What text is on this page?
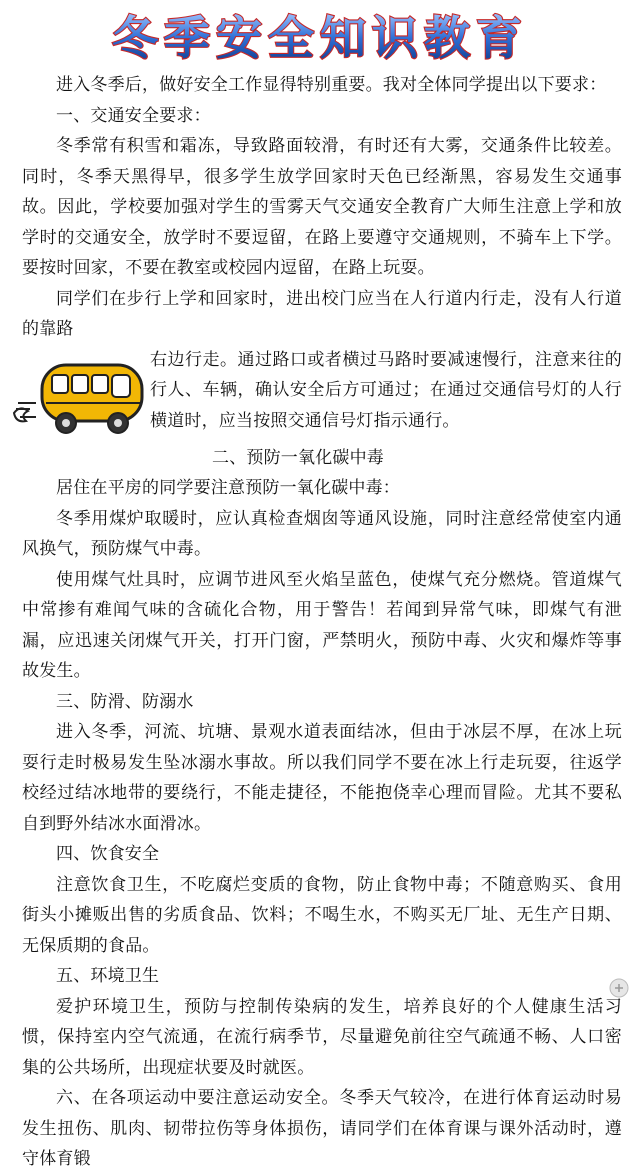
冬季安全知识教育

进入冬季后，做好安全工作显得特别重要。我对全体同学提出以下要求：

一、交通安全要求：

冬季常有积雪和霜冻，导致路面较滑，有时还有大雾，交通条件比较差。同时，冬季天黑得早，很多学生放学回家时天色已经渐黑，容易发生交通事故。因此，学校要加强对学生的雪雾天气交通安全教育广大师生注意上学和放学时的交通安全，放学时不要逗留，在路上要遵守交通规则，不骑车上下学。要按时回家，不要在教室或校园内逗留，在路上玩耍。

同学们在步行上学和回家时，进出校门应当在人行道内行走，没有人行道的靠路

右边行走。通过路口或者横过马路时要减速慢行，注意来往的行人、车辆，确认安全后方可通过；在通过交通信号灯的人行横道时，应当按照交通信号灯指示通行。

二、预防一氧化碳中毒

居住在平房的同学要注意预防一氧化碳中毒：

冬季用煤炉取暖时，应认真检查烟囱等通风设施，同时注意经常使室内通风换气，预防煤气中毒。

使用煤气灶具时，应调节进风至火焰呈蓝色，使煤气充分燃烧。管道煤气中常掺有难闻气味的含硫化合物，用于警告！若闻到异常气味，即煤气有泄漏，应迅速关闭煤气开关，打开门窗，严禁明火，预防中毒、火灾和爆炸等事故发生。

三、防滑、防溺水

进入冬季，河流、坑塘、景观水道表面结冰，但由于冰层不厚，在冰上玩耍行走时极易发生坠冰溺水事故。所以我们同学不要在冰上行走玩耍，往返学校经过结冰地带的要绕行，不能走捷径，不能抱侥幸心理而冒险。尤其不要私自到野外结冰水面滑冰。

四、饮食安全

注意饮食卫生，不吃腐烂变质的食物，防止食物中毒；不随意购买、食用街头小摊贩出售的劣质食品、饮料；不喝生水，不购买无厂址、无生产日期、无保质期的食品。

五、环境卫生

爱护环境卫生，预防与控制传染病的发生，培养良好的个人健康生活习惯，保持室内空气流通，在流行病季节，尽量避免前往空气疏通不畅、人口密集的公共场所，出现症状要及时就医。

六、在各项运动中要注意运动安全。冬季天气较冷，在进行体育运动时易发生扭伤、肌肉、韧带拉伤等身体损伤，请同学们在体育课与课外活动时，遵守体育锻
